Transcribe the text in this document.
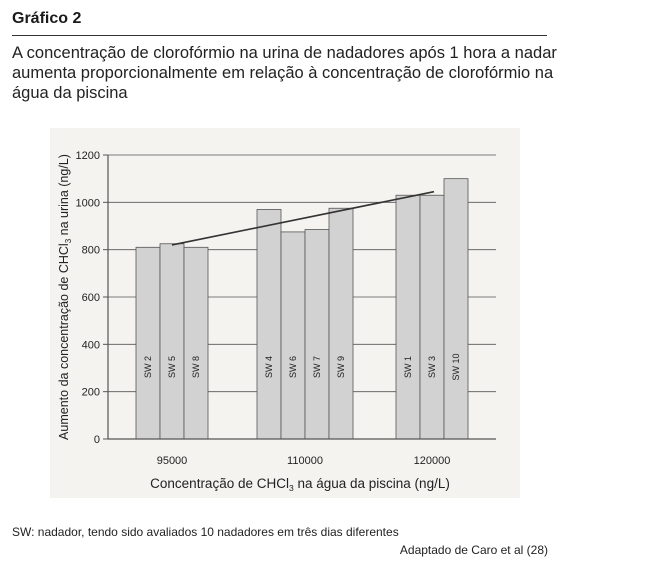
Gráfico 2
A concentração de clorofórmio na urina de nadadores após 1 hora a nadar aumenta proporcionalmente em relação à concentração de clorofórmio na água da piscina
0
200
400
600
800
1000
1200
SW 2 SW 5 SW 8
95000
SW 4 SW 6 SW 7 SW 9
110000
SW 1 SW 3 SW 10
120000
Aumento da concentração de CHCl$_3$ na urina (ng/L)
Concentração de CHCl$_3$ na água da piscina (ng/L)
SW: nadador, tendo sido avaliados 10 nadadores em três dias diferentes
Adaptado de Caro et al (28)
